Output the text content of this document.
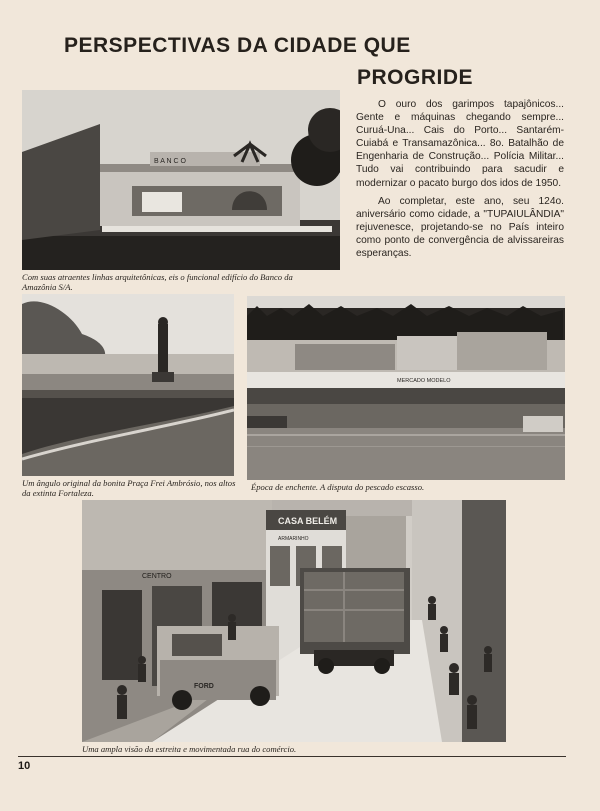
PERSPECTIVAS DA CIDADE QUE
PROGRIDE

O ouro dos garimpos tapajônicos... Gente e máquinas chegando sempre... Curuá-Una... Cais do Porto... Santarém-Cuiabá e Transamazônica... 8o. Batalhão de Engenharia de Construção... Polícia Militar... Tudo vai contribuindo para sacudir e modernizar o pacato burgo dos idos de 1950.

Ao completar, este ano, seu 124o. aniversário como cidade, a "TUPAIULÂNDIA" rejuvenesce, projetando-se no País inteiro como ponto de convergência de alvissareiras esperanças.

B A N C O
Com suas atraentes linhas arquitetônicas, eis o funcional edifício do Banco da Amazônia S/A.
Um ângulo original da bonita Praça Frei Ambrósio, nos altos da extinta Fortaleza.
MERCADO MODELO
Época de enchente. A disputa do pescado escasso.
CASA BELÉM
ARMARINHO
CENTRO
FORD
Uma ampla visão da estreita e movimentada rua do comércio.
10
